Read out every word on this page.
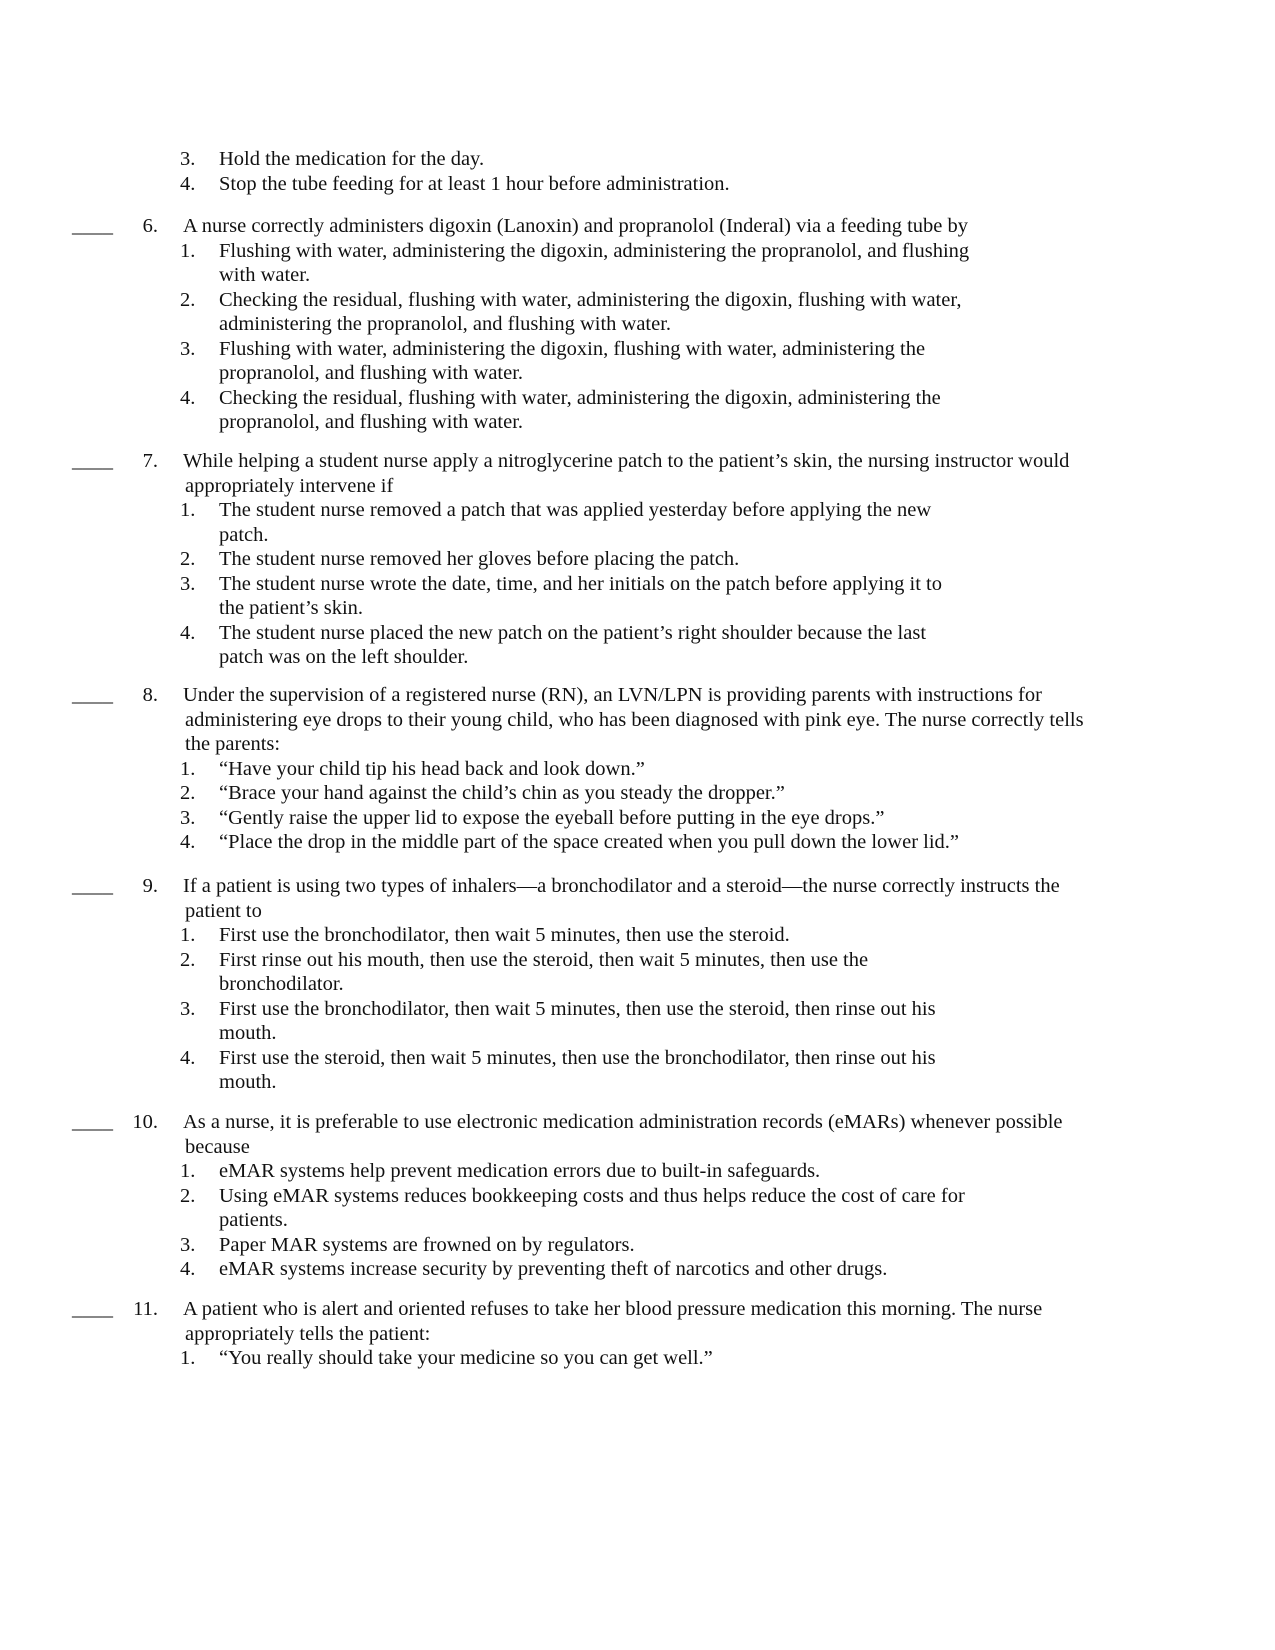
3. Hold the medication for the day.
4. Stop the tube feeding for at least 1 hour before administration.
____ 6. A nurse correctly administers digoxin (Lanoxin) and propranolol (Inderal) via a feeding tube by
1. Flushing with water, administering the digoxin, administering the propranolol, and flushing
with water.
2. Checking the residual, flushing with water, administering the digoxin, flushing with water,
administering the propranolol, and flushing with water.
3. Flushing with water, administering the digoxin, flushing with water, administering the
propranolol, and flushing with water.
4. Checking the residual, flushing with water, administering the digoxin, administering the
propranolol, and flushing with water.
____ 7. While helping a student nurse apply a nitroglycerine patch to the patient’s skin, the nursing instructor would
appropriately intervene if
1. The student nurse removed a patch that was applied yesterday before applying the new
patch.
2. The student nurse removed her gloves before placing the patch.
3. The student nurse wrote the date, time, and her initials on the patch before applying it to
the patient’s skin.
4. The student nurse placed the new patch on the patient’s right shoulder because the last
patch was on the left shoulder.
____ 8. Under the supervision of a registered nurse (RN), an LVN/LPN is providing parents with instructions for
administering eye drops to their young child, who has been diagnosed with pink eye. The nurse correctly tells
the parents:
1. “Have your child tip his head back and look down.”
2. “Brace your hand against the child’s chin as you steady the dropper.”
3. “Gently raise the upper lid to expose the eyeball before putting in the eye drops.”
4. “Place the drop in the middle part of the space created when you pull down the lower lid.”
____ 9. If a patient is using two types of inhalers—a bronchodilator and a steroid—the nurse correctly instructs the
patient to
1. First use the bronchodilator, then wait 5 minutes, then use the steroid.
2. First rinse out his mouth, then use the steroid, then wait 5 minutes, then use the
bronchodilator.
3. First use the bronchodilator, then wait 5 minutes, then use the steroid, then rinse out his
mouth.
4. First use the steroid, then wait 5 minutes, then use the bronchodilator, then rinse out his
mouth.
____ 10. As a nurse, it is preferable to use electronic medication administration records (eMARs) whenever possible
because
1. eMAR systems help prevent medication errors due to built-in safeguards.
2. Using eMAR systems reduces bookkeeping costs and thus helps reduce the cost of care for
patients.
3. Paper MAR systems are frowned on by regulators.
4. eMAR systems increase security by preventing theft of narcotics and other drugs.
____ 11. A patient who is alert and oriented refuses to take her blood pressure medication this morning. The nurse
appropriately tells the patient:
1. “You really should take your medicine so you can get well.”
